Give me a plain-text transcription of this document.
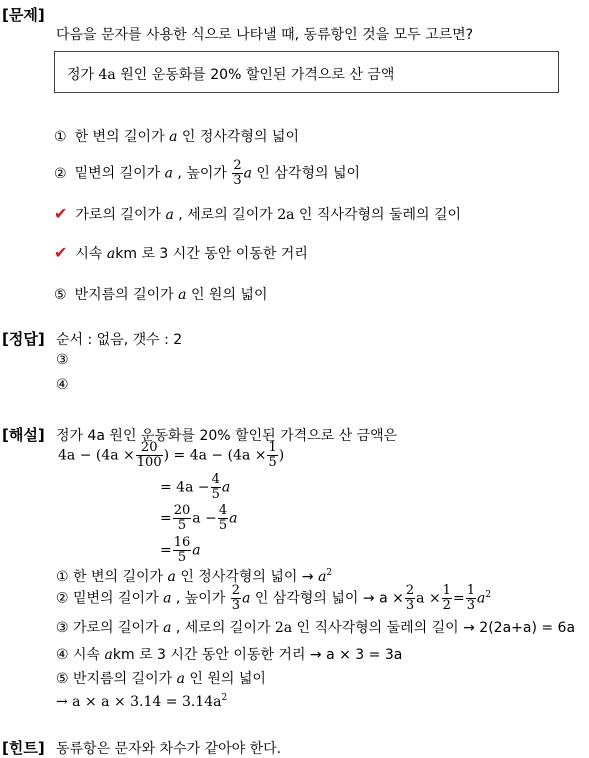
[문제]
다음을 문자를 사용한 식으로 나타낼 때, 동류항인 것을 모두 고르면?
정가 4a 원인 운동화를 20% 할인된 가격으로 산 금액
① 한 변의 길이가 a 인 정사각형의 넓이
② 밑변의 길이가 a , 높이가 $\frac{2}{3}$ a 인 삼각형의 넓이
✔ 가로의 길이가 a , 세로의 길이가 2a 인 직사각형의 둘레의 길이
✔ 시속 akm 로 3 시간 동안 이동한 거리
⑤ 반지름의 길이가 a 인 원의 넓이
[정답] 순서 : 없음, 갯수 : 2
③
④
[해설] 정가 4a 원인 운동화를 20% 할인된 가격으로 산 금액은
$4a - (4a \times \frac{20}{100}$ ) = $4a - (4a \times \frac{1}{5}$ )
= $4a - \frac{4}{5}$ a
= $\frac{20}{5}$ $a - \frac{4}{5}$ a
= $\frac{16}{5}$ a
① 한 변의 길이가 a 인 정사각형의 넓이 → $a^2$
② 밑변의 길이가 a , 높이가 $\frac{2}{3}$ a 인 삼각형의 넓이 → $a \times \frac{2}{3}$ $a \times \frac{1}{2} = \frac{1}{3} a^2$
③ 가로의 길이가 a , 세로의 길이가 2a 인 직사각형의 둘레의 길이 → 2(2a+a) = 6a
④ 시속 akm 로 3 시간 동안 이동한 거리 → a × 3 = 3a
⑤ 반지름의 길이가 a 인 원의 넓이
→ $a \times a \times 3.14 = 3.14a^2$
[힌트] 동류항은 문자와 차수가 같아야 한다.
